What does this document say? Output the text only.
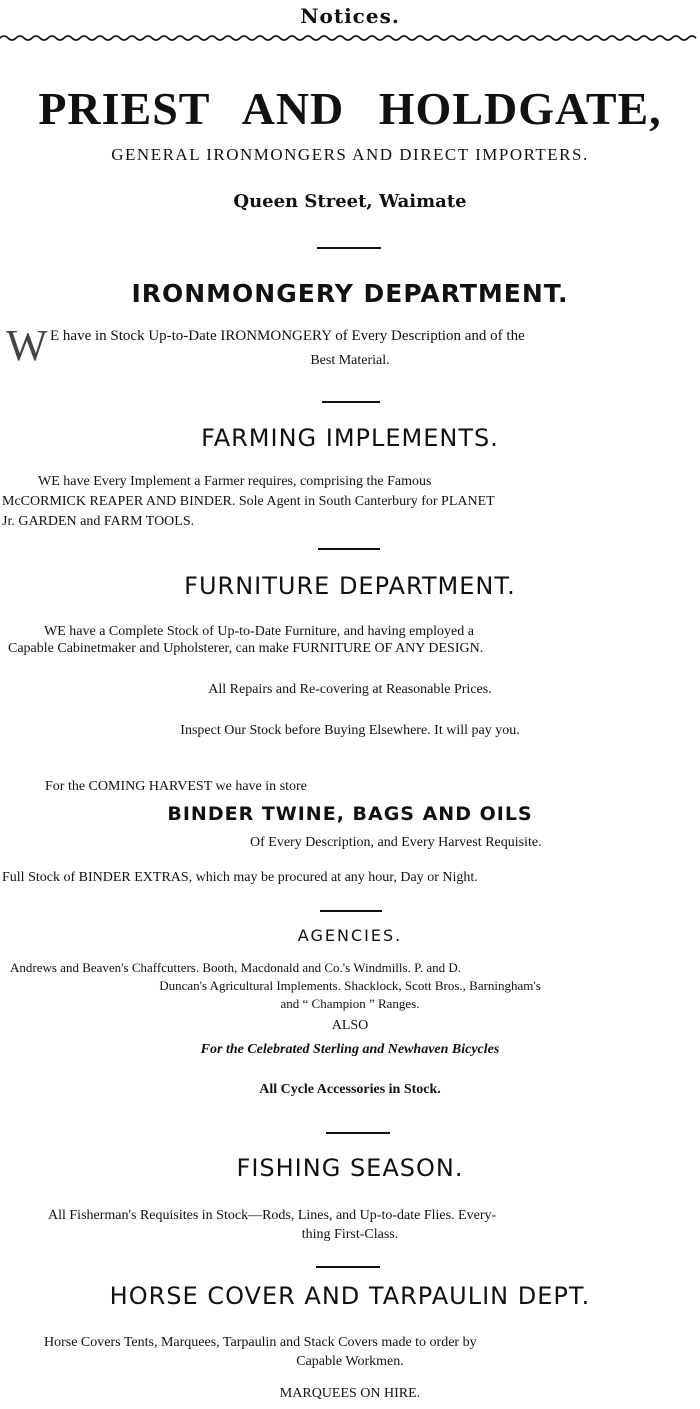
Notices.
PRIEST AND HOLDGATE,
GENERAL IRONMONGERS AND DIRECT IMPORTERS.
Queen Street, Waimate
IRONMONGERY DEPARTMENT.
W E have in Stock Up-to-Date IRONMONGERY of Every Description and of the
Best Material.
FARMING IMPLEMENTS.
WE have Every Implement a Farmer requires, comprising the Famous
McCORMICK REAPER AND BINDER. Sole Agent in South Canterbury for PLANET
Jr. GARDEN and FARM TOOLS.
FURNITURE DEPARTMENT.
WE have a Complete Stock of Up-to-Date Furniture, and having employed a
Capable Cabinetmaker and Upholsterer, can make FURNITURE OF ANY DESIGN.
All Repairs and Re-covering at Reasonable Prices.
Inspect Our Stock before Buying Elsewhere. It will pay you.
For the COMING HARVEST we have in store
BINDER TWINE, BAGS AND OILS
Of Every Description, and Every Harvest Requisite.
Full Stock of BINDER EXTRAS, which may be procured at any hour, Day or Night.
AGENCIES.
Andrews and Beaven's Chaffcutters. Booth, Macdonald and Co.'s Windmills. P. and D.
Duncan's Agricultural Implements. Shacklock, Scott Bros., Barningham's
and “ Champion ” Ranges.
ALSO
For the Celebrated Sterling and Newhaven Bicycles
All Cycle Accessories in Stock.
FISHING SEASON.
All Fisherman's Requisites in Stock—Rods, Lines, and Up-to-date Flies. Every-
thing First-Class.
HORSE COVER AND TARPAULIN DEPT.
Horse Covers Tents, Marquees, Tarpaulin and Stack Covers made to order by
Capable Workmen.
MARQUEES ON HIRE.
